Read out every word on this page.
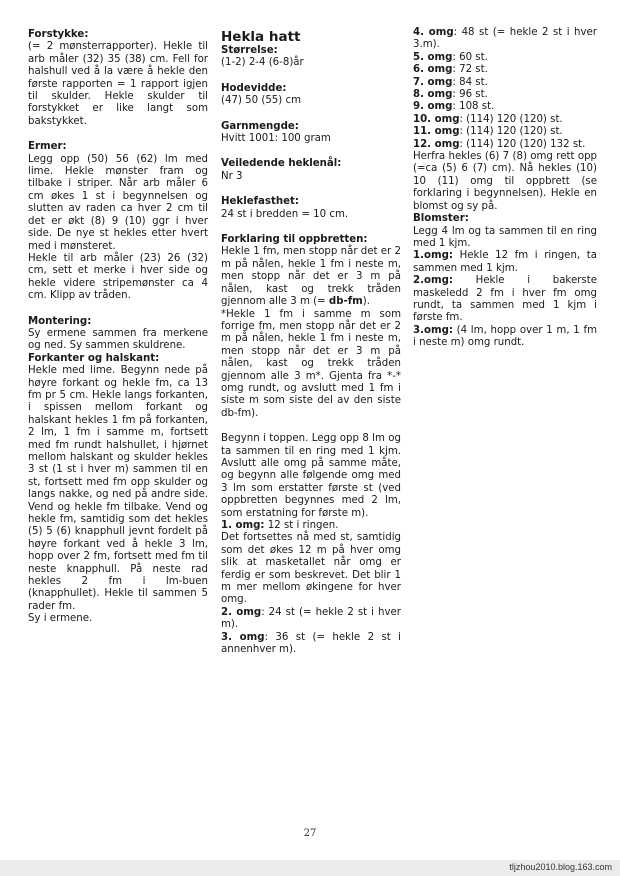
Forstykke:

(= 2 mønsterrapporter). Hekle til arb måler (32) 35 (38) cm. Fell for halshull ved å la være å hekle den første rapporten = 1 rapport igjen til skulder. Hekle skulder til forstykket er like langt som bakstykket.

Ermer:

Legg opp (50) 56 (62) lm med lime. Hekle mønster fram og tilbake i striper. Når arb måler 6 cm økes 1 st i begynnelsen og slutten av raden ca hver 2 cm til det er økt (8) 9 (10) ggr i hver side. De nye st hekles etter hvert med i mønsteret.

Hekle til arb måler (23) 26 (32) cm, sett et merke i hver side og hekle videre stripemønster ca 4 cm. Klipp av tråden.

Montering:

Sy ermene sammen fra merkene og ned. Sy sammen skuldrene.

Forkanter og halskant:

Hekle med lime. Begynn nede på høyre forkant og hekle fm, ca 13 fm pr 5 cm. Hekle langs forkanten, i spissen mellom forkant og halskant hekles 1 fm på forkanten, 2 lm, 1 fm i samme m, fortsett med fm rundt halshullet, i hjørnet mellom halskant og skulder hekles 3 st (1 st i hver m) sammen til en st, fortsett med fm opp skulder og langs nakke, og ned på andre side. Vend og hekle fm tilbake. Vend og hekle fm, samtidig som det hekles (5) 5 (6) knapphull jevnt fordelt på høyre forkant ved å hekle 3 lm, hopp over 2 fm, fortsett med fm til neste knapphull. På neste rad hekles 2 fm i lm-buen (knapphullet). Hekle til sammen 5 rader fm.

Sy i ermene.

Hekla hatt

Størrelse:

(1-2) 2-4 (6-8)år

Hodevidde:

(47) 50 (55) cm

Garnmengde:

Hvitt 1001: 100 gram

Veiledende heklenål:

Nr 3

Heklefasthet:

24 st i bredden = 10 cm.

Forklaring til oppbretten:

Hekle 1 fm, men stopp når det er 2 m på nålen, hekle 1 fm i neste m, men stopp når det er 3 m på nålen, kast og trekk tråden gjennom alle 3 m (= db-fm).

*Hekle 1 fm i samme m som forrige fm, men stopp når det er 2 m på nålen, hekle 1 fm i neste m, men stopp når det er 3 m på nålen, kast og trekk tråden gjennom alle 3 m*. Gjenta fra *-* omg rundt, og avslutt med 1 fm i siste m som siste del av den siste db-fm).

Begynn i toppen. Legg opp 8 lm og ta sammen til en ring med 1 kjm. Avslutt alle omg på samme måte, og begynn alle følgende omg med 3 lm som erstatter første st (ved oppbretten begynnes med 2 lm, som erstatning for første m).

1. omg: 12 st i ringen.

Det fortsettes nå med st, samtidig som det økes 12 m på hver omg slik at masketallet når omg er ferdig er som beskrevet. Det blir 1 m mer mellom økingene for hver omg.

2. omg: 24 st (= hekle 2 st i hver m).

3. omg: 36 st (= hekle 2 st i annenhver m).

4. omg: 48 st (= hekle 2 st i hver 3.m).

5. omg: 60 st.

6. omg: 72 st.

7. omg: 84 st.

8. omg: 96 st.

9. omg: 108 st.

10. omg: (114) 120 (120) st.

11. omg: (114) 120 (120) st.

12. omg: (114) 120 (120) 132 st.

Herfra hekles (6) 7 (8) omg rett opp (=ca (5) 6 (7) cm). Nå hekles (10) 10 (11) omg til oppbrett (se forklaring i begynnelsen). Hekle en blomst og sy på.

Blomster:

Legg 4 lm og ta sammen til en ring med 1 kjm.

1.omg: Hekle 12 fm i ringen, ta sammen med 1 kjm.

2.omg: Hekle i bakerste maskeledd 2 fm i hver fm omg rundt, ta sammen med 1 kjm i første fm.

3.omg: (4 lm, hopp over 1 m, 1 fm i neste m) omg rundt.

27
tljzhou2010.blog.163.com
